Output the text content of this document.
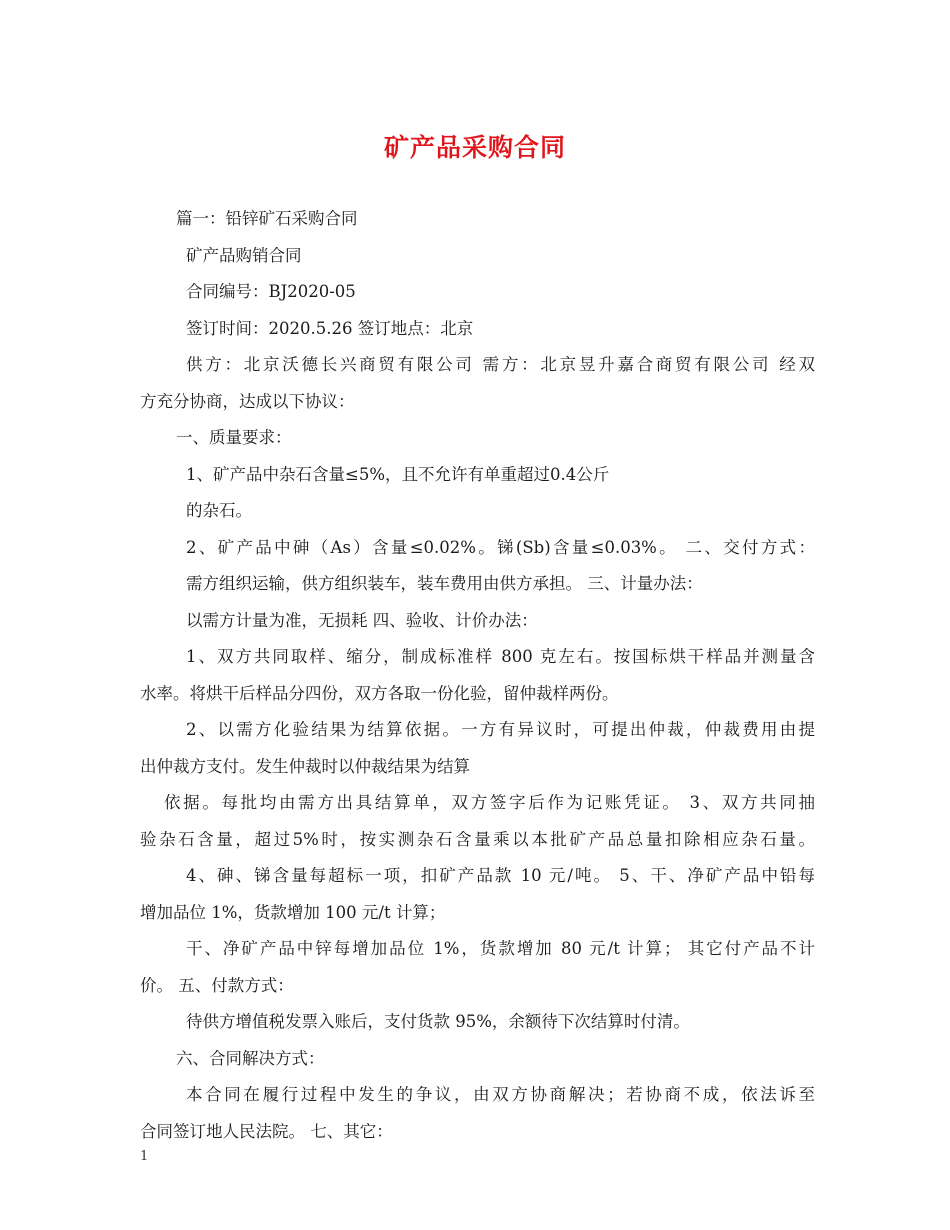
矿产品采购合同
篇一：铅锌矿石采购合同
矿产品购销合同
合同编号：BJ2020-05
签订时间：2020.5.26 签订地点：北京
供方：北京沃德长兴商贸有限公司 需方：北京昱升嘉合商贸有限公司 经双
方充分协商，达成以下协议：
一、质量要求：
1、矿产品中杂石含量≤5%，且不允许有单重超过0.4公斤
的杂石。
2、矿产品中砷（As）含量≤0.02%。锑(Sb)含量≤0.03%。 二、交付方式：
需方组织运输，供方组织装车，装车费用由供方承担。 三、计量办法：
以需方计量为准，无损耗 四、验收、计价办法：
1、双方共同取样、缩分，制成标准样 800 克左右。按国标烘干样品并测量含
水率。将烘干后样品分四份，双方各取一份化验，留仲裁样两份。
2、以需方化验结果为结算依据。一方有异议时，可提出仲裁，仲裁费用由提
出仲裁方支付。发生仲裁时以仲裁结果为结算
依据。每批均由需方出具结算单，双方签字后作为记账凭证。 3、双方共同抽
验杂石含量，超过5%时，按实测杂石含量乘以本批矿产品总量扣除相应杂石量。
4、砷、锑含量每超标一项，扣矿产品款 10 元/吨。 5、干、净矿产品中铅每
增加品位 1%，货款增加 100 元/t 计算；
干、净矿产品中锌每增加品位 1%，货款增加 80 元/t 计算； 其它付产品不计
价。 五、付款方式：
待供方增值税发票入账后，支付货款 95%，余额待下次结算时付清。
六、合同解决方式：
本合同在履行过程中发生的争议，由双方协商解决；若协商不成，依法诉至
合同签订地人民法院。 七、其它：
1
